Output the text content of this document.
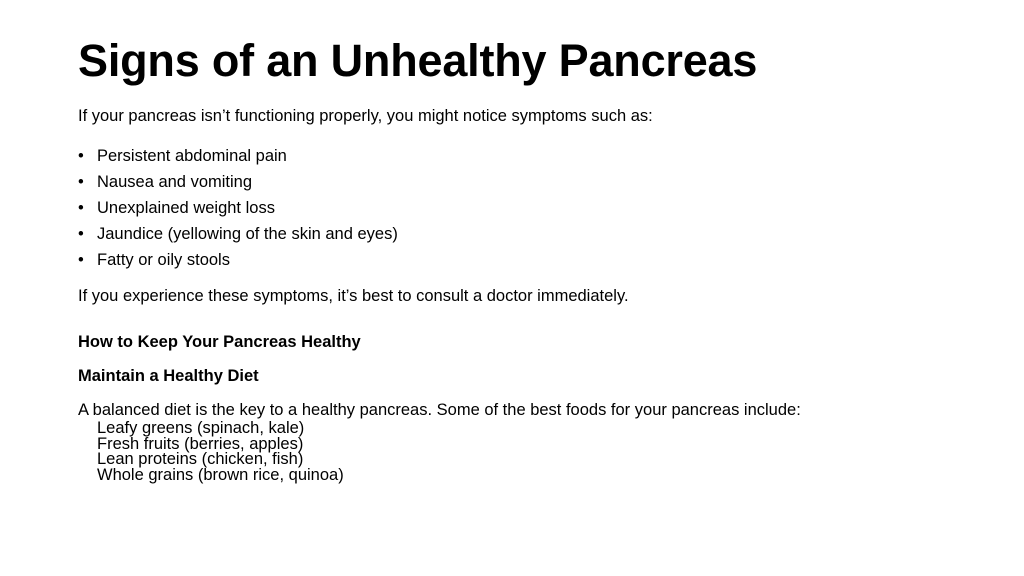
Signs of an Unhealthy Pancreas

If your pancreas isn’t functioning properly, you might notice symptoms such as:

• Persistent abdominal pain
• Nausea and vomiting
• Unexplained weight loss
• Jaundice (yellowing of the skin and eyes)
• Fatty or oily stools

If you experience these symptoms, it’s best to consult a doctor immediately.

How to Keep Your Pancreas Healthy

Maintain a Healthy Diet

A balanced diet is the key to a healthy pancreas. Some of the best foods for your pancreas include:

Leafy greens (spinach, kale)
Fresh fruits (berries, apples)
Lean proteins (chicken, fish)
Whole grains (brown rice, quinoa)
